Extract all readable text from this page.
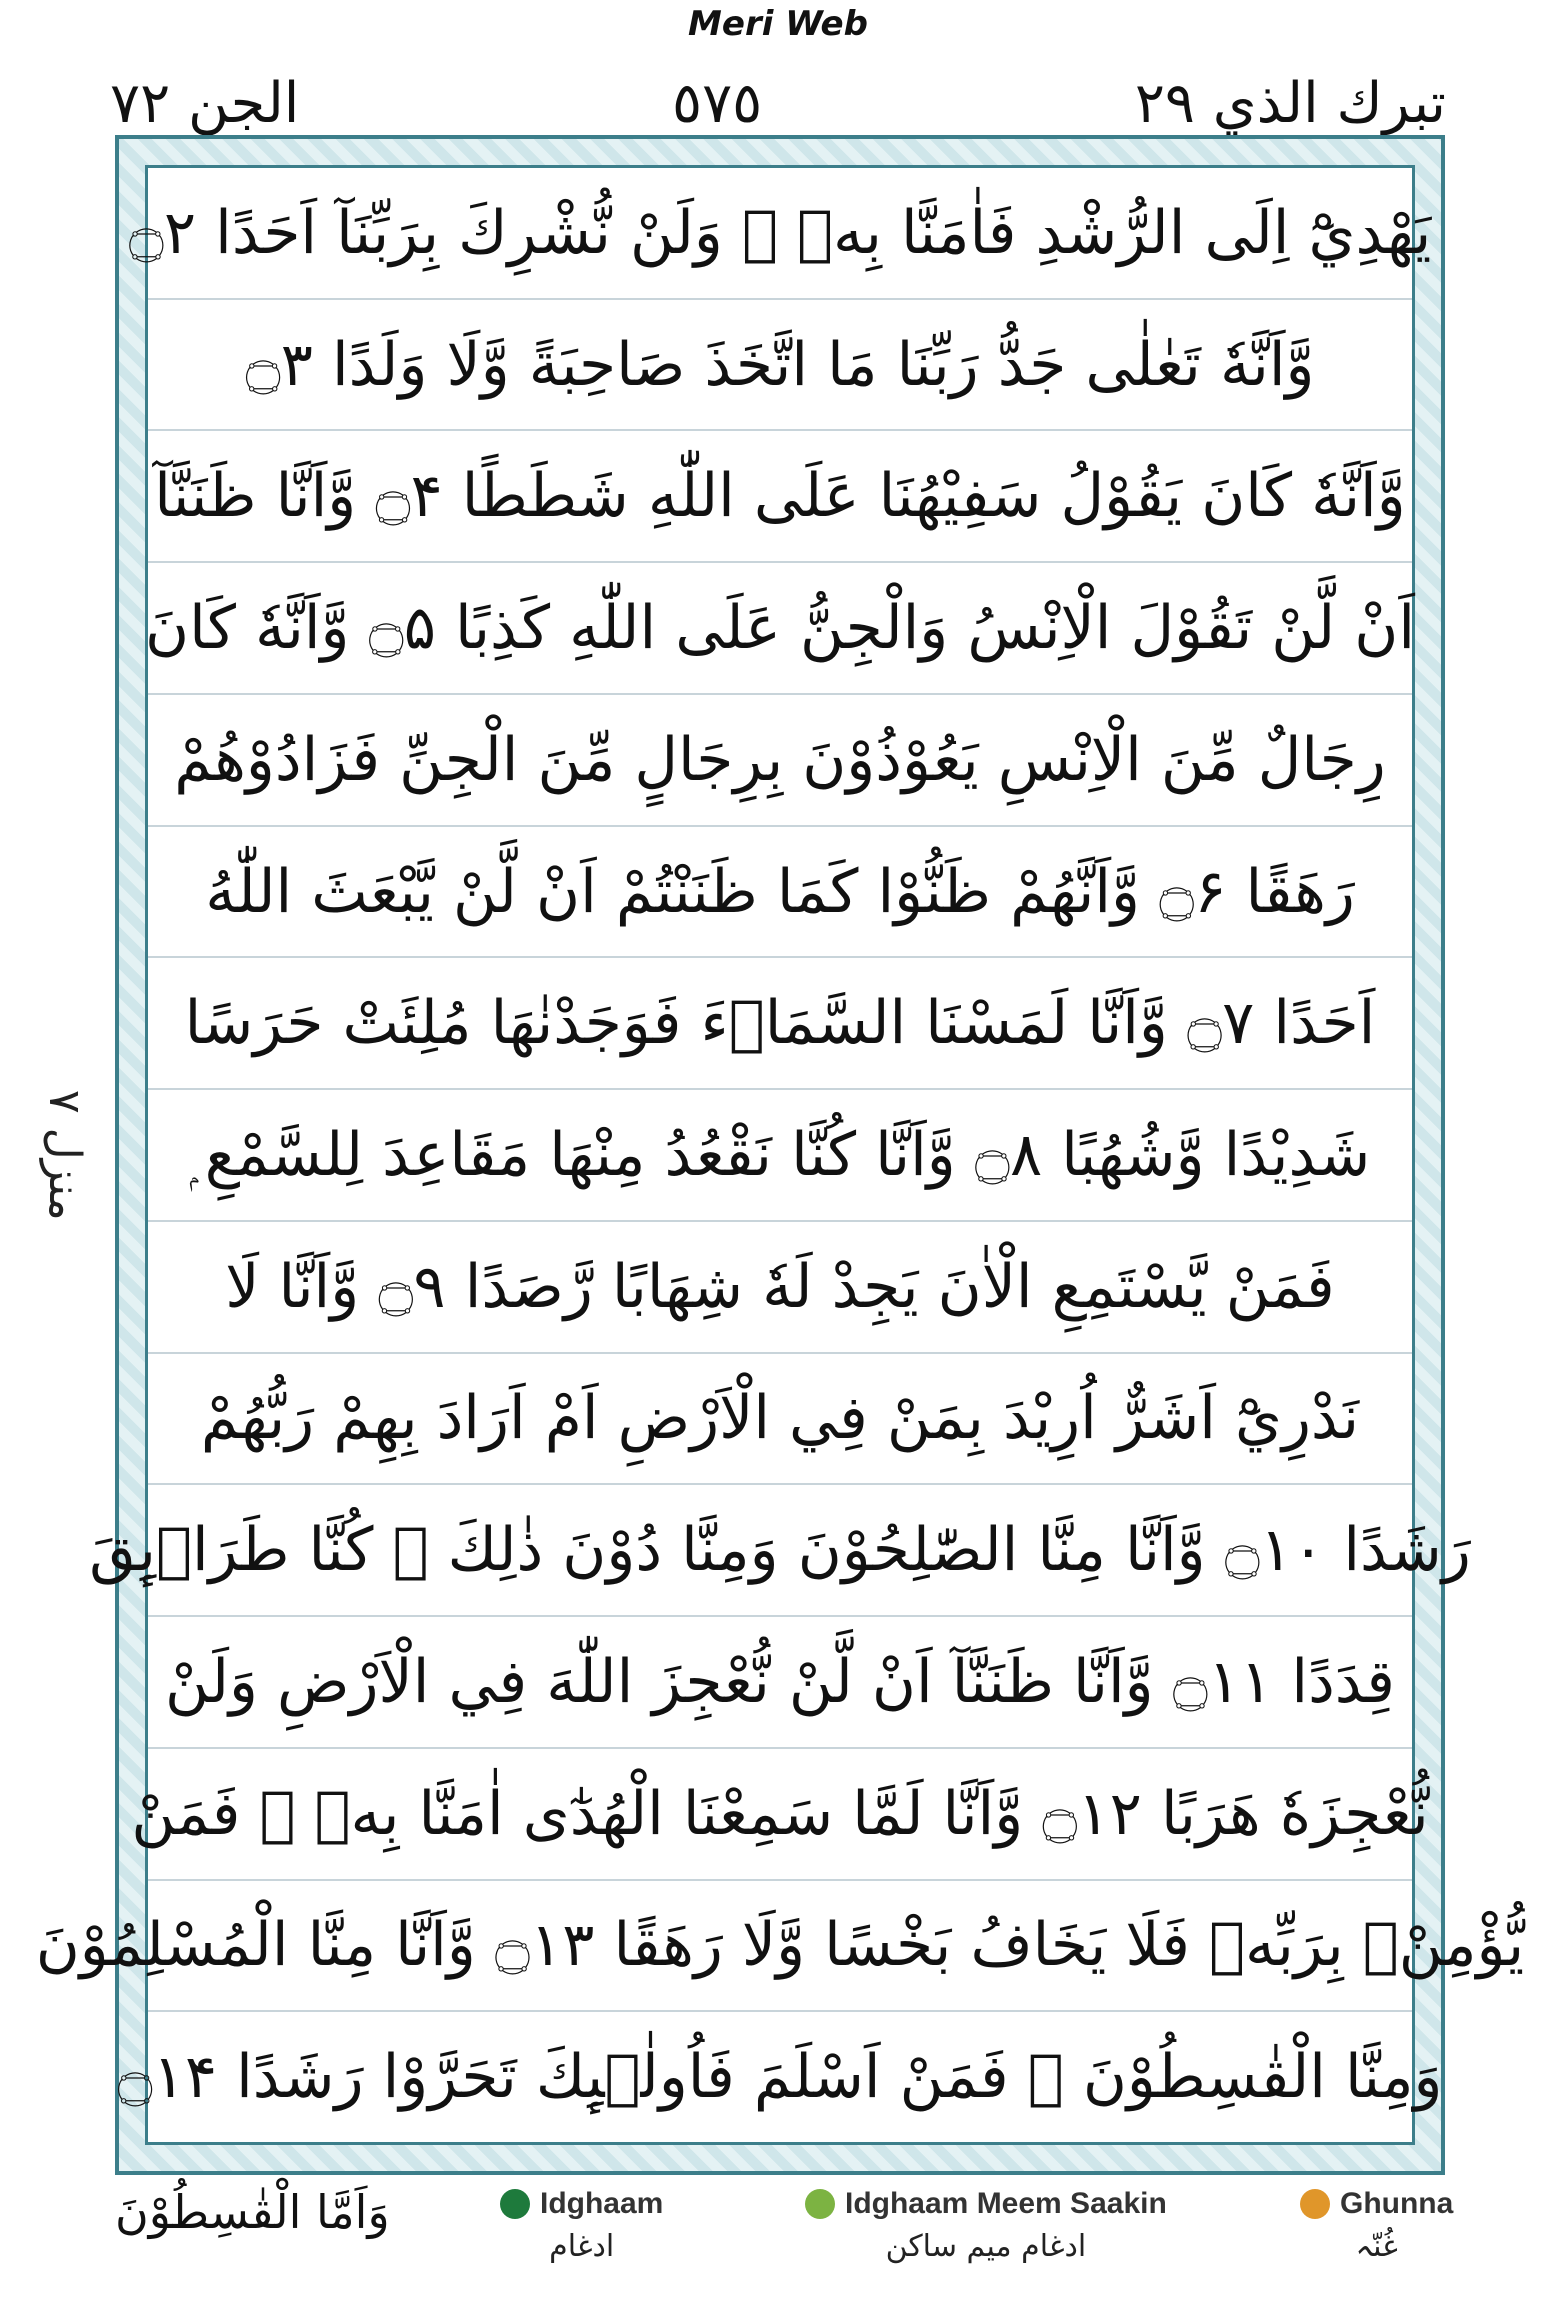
Meri Web
الجن ٧٢	٥٧٥	تبرك الذي ٢٩
منزل ٧
يَهْدِيْٓ اِلَى الرُّشْدِ فَاٰمَنَّا بِهٖ ۭ وَلَنْ نُّشْرِكَ بِرَبِّنَآ اَحَدًا ۝۲
وَّاَنَّهٗ تَعٰلٰى جَدُّ رَبِّنَا مَا اتَّخَذَ صَاحِبَةً وَّلَا وَلَدًا ۝۳
وَّاَنَّهٗ كَانَ يَقُوْلُ سَفِيْهُنَا عَلَى اللّٰهِ شَطَطًا ۝۴ وَّاَنَّا ظَنَنَّآ
اَنْ لَّنْ تَقُوْلَ الْاِنْسُ وَالْجِنُّ عَلَى اللّٰهِ كَذِبًا ۝۵ وَّاَنَّهٗ كَانَ
رِجَالٌ مِّنَ الْاِنْسِ يَعُوْذُوْنَ بِرِجَالٍ مِّنَ الْجِنِّ فَزَادُوْهُمْ
رَهَقًا ۝۶ وَّاَنَّهُمْ ظَنُّوْا كَمَا ظَنَنْتُمْ اَنْ لَّنْ يَّبْعَثَ اللّٰهُ
اَحَدًا ۝۷ وَّاَنَّا لَمَسْنَا السَّمَاۗءَ فَوَجَدْنٰهَا مُلِئَتْ حَرَسًا
شَدِيْدًا وَّشُهُبًا ۝۸ وَّاَنَّا كُنَّا نَقْعُدُ مِنْهَا مَقَاعِدَ لِلسَّمْعِ ۭ
فَمَنْ يَّسْتَمِعِ الْاٰنَ يَجِدْ لَهٗ شِهَابًا رَّصَدًا ۝۹ وَّاَنَّا لَا
نَدْرِيْٓ اَشَرٌّ اُرِيْدَ بِمَنْ فِي الْاَرْضِ اَمْ اَرَادَ بِهِمْ رَبُّهُمْ
رَشَدًا ۝۱۰ وَّاَنَّا مِنَّا الصّٰلِحُوْنَ وَمِنَّا دُوْنَ ذٰلِكَ ۭ كُنَّا طَرَاۗىِٕقَ
قِدَدًا ۝۱۱ وَّاَنَّا ظَنَنَّآ اَنْ لَّنْ نُّعْجِزَ اللّٰهَ فِي الْاَرْضِ وَلَنْ
نُّعْجِزَهٗ هَرَبًا ۝۱۲ وَّاَنَّا لَمَّا سَمِعْنَا الْهُدٰٓى اٰمَنَّا بِهٖ ۭ فَمَنْ
يُّؤْمِنْۢ بِرَبِّهٖ فَلَا يَخَافُ بَخْسًا وَّلَا رَهَقًا ۝۱۳ وَّاَنَّا مِنَّا الْمُسْلِمُوْنَ
وَمِنَّا الْقٰسِطُوْنَ ۭ فَمَنْ اَسْلَمَ فَاُولٰۗىِٕكَ تَحَرَّوْا رَشَدًا ۝۱۴
وَاَمَّا الْقٰسِطُوْنَ	Idghaam
ادغام
Idghaam Meem Saakin
ادغام میم ساکن
Ghunna
غُنّہ
